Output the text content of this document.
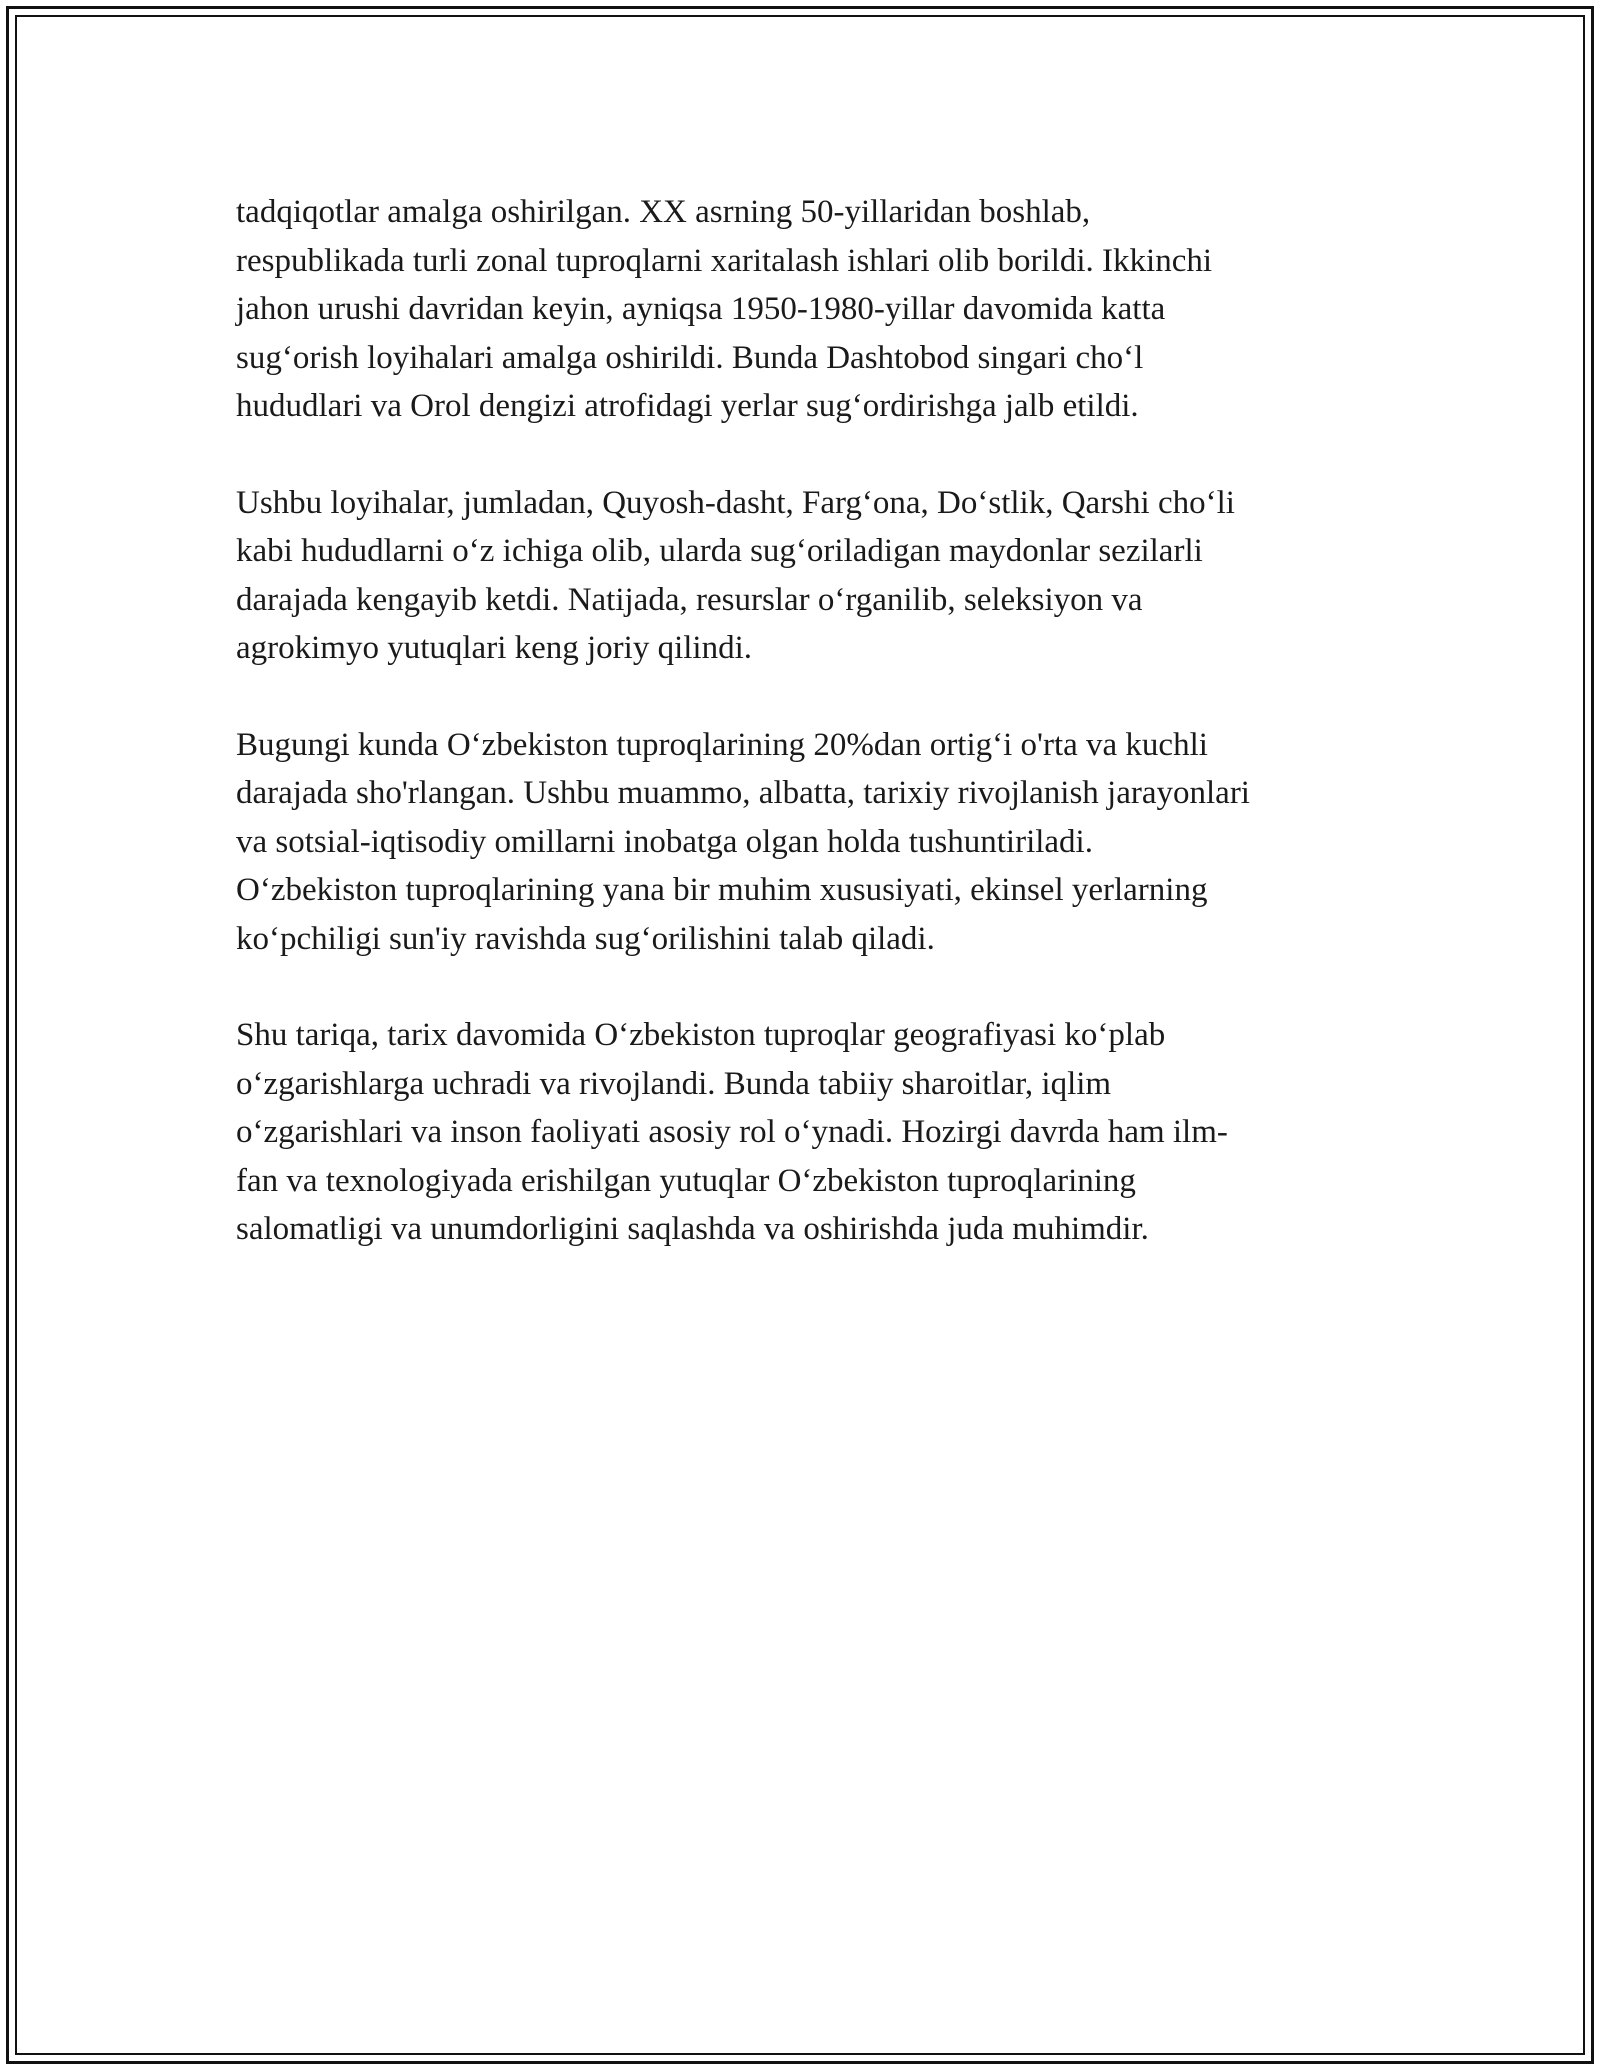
tadqiqotlar amalga oshirilgan. XX asrning 50-yillaridan boshlab,
respublikada turli zonal tuproqlarni xaritalash ishlari olib borildi. Ikkinchi
jahon urushi davridan keyin, ayniqsa 1950-1980-yillar davomida katta
sug‘orish loyihalari amalga oshirildi. Bunda Dashtobod singari cho‘l
hududlari va Orol dengizi atrofidagi yerlar sug‘ordirishga jalb etildi.

Ushbu loyihalar, jumladan, Quyosh-dasht, Farg‘ona, Do‘stlik, Qarshi cho‘li
kabi hududlarni o‘z ichiga olib, ularda sug‘oriladigan maydonlar sezilarli
darajada kengayib ketdi. Natijada, resurslar o‘rganilib, seleksiyon va
agrokimyo yutuqlari keng joriy qilindi.

Bugungi kunda O‘zbekiston tuproqlarining 20%dan ortig‘i o'rta va kuchli
darajada sho'rlangan. Ushbu muammo, albatta, tarixiy rivojlanish jarayonlari
va sotsial-iqtisodiy omillarni inobatga olgan holda tushuntiriladi.
O‘zbekiston tuproqlarining yana bir muhim xususiyati, ekinsel yerlarning
ko‘pchiligi sun'iy ravishda sug‘orilishini talab qiladi.

Shu tariqa, tarix davomida O‘zbekiston tuproqlar geografiyasi ko‘plab
o‘zgarishlarga uchradi va rivojlandi. Bunda tabiiy sharoitlar, iqlim
o‘zgarishlari va inson faoliyati asosiy rol o‘ynadi. Hozirgi davrda ham ilm-
fan va texnologiyada erishilgan yutuqlar O‘zbekiston tuproqlarining
salomatligi va unumdorligini saqlashda va oshirishda juda muhimdir.
